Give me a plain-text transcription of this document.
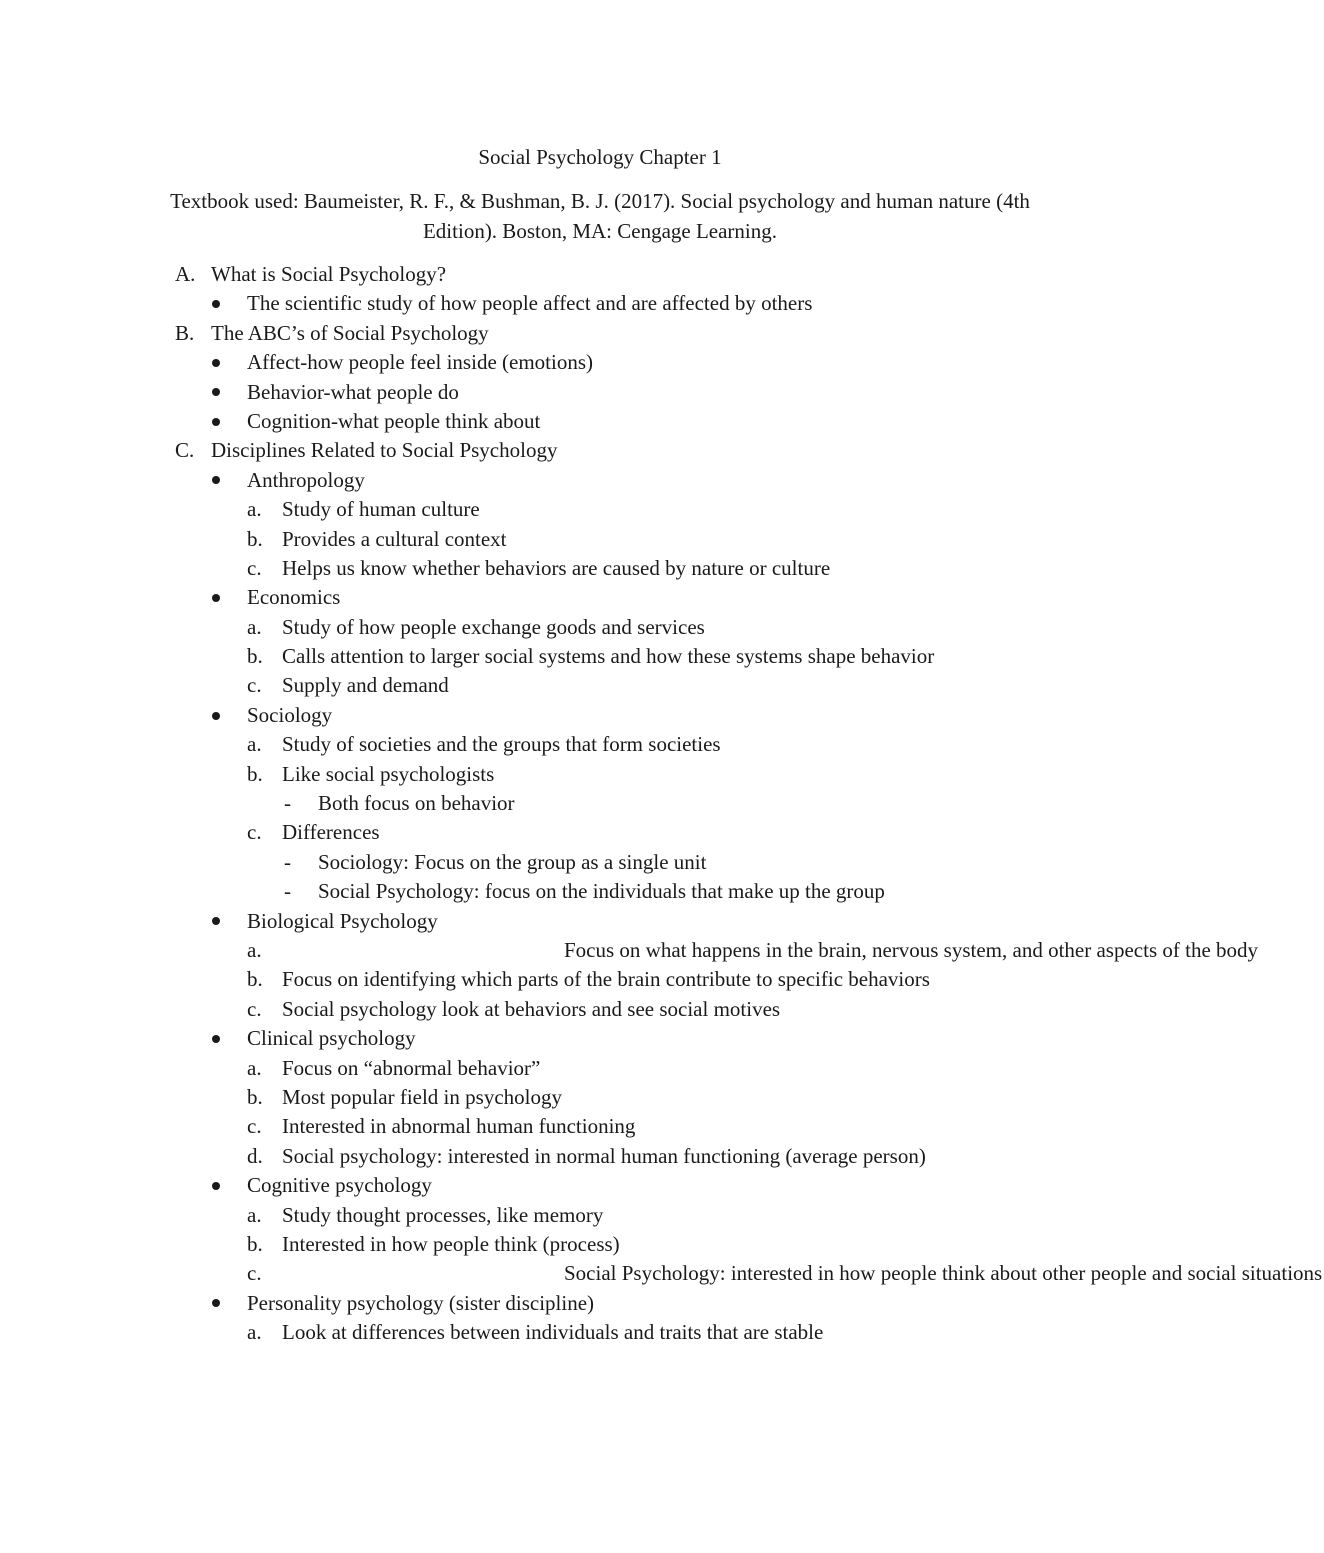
Social Psychology Chapter 1
Textbook used: Baumeister, R. F., & Bushman, B. J. (2017). Social psychology and human nature (4th Edition). Boston, MA: Cengage Learning.
A. What is Social Psychology?
The scientific study of how people affect and are affected by others
B. The ABC’s of Social Psychology
Affect-how people feel inside (emotions)
Behavior-what people do
Cognition-what people think about
C. Disciplines Related to Social Psychology
Anthropology
a. Study of human culture
b. Provides a cultural context
c. Helps us know whether behaviors are caused by nature or culture
Economics
a. Study of how people exchange goods and services
b. Calls attention to larger social systems and how these systems shape behavior
c. Supply and demand
Sociology
a. Study of societies and the groups that form societies
b. Like social psychologists
- Both focus on behavior
c. Differences
- Sociology: Focus on the group as a single unit
- Social Psychology: focus on the individuals that make up the group
Biological Psychology
a.	Focus on what happens in the brain, nervous system, and other aspects of the body
b. Focus on identifying which parts of the brain contribute to specific behaviors
c. Social psychology look at behaviors and see social motives
Clinical psychology
a. Focus on “abnormal behavior”
b. Most popular field in psychology
c. Interested in abnormal human functioning
d. Social psychology: interested in normal human functioning (average person)
Cognitive psychology
a. Study thought processes, like memory
b. Interested in how people think (process)
c.	Social Psychology: interested in how people think about other people and social situations
Personality psychology (sister discipline)
a. Look at differences between individuals and traits that are stable
